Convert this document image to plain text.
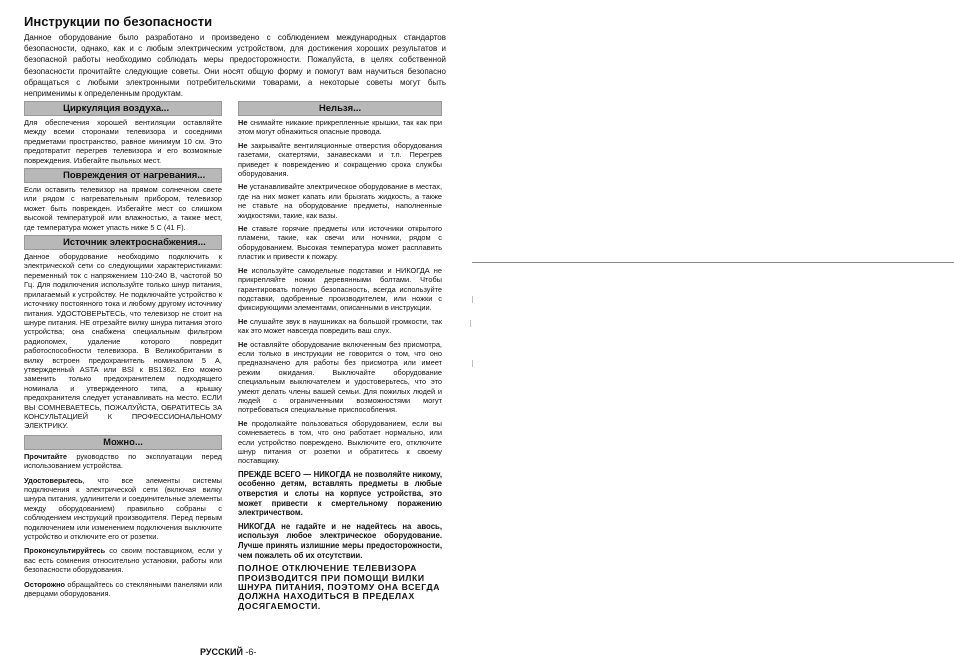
Инструкции по безопасности

Данное оборудование было разработано и произведено с соблюдением международных стандартов безопасности, однако, как и с любым электрическим устройством, для достижения хороших результатов и безопасной работы необходимо соблюдать меры предосторожности. Пожалуйста, в целях собственной безопасности прочитайте следующие советы. Они носят общую форму и помогут вам научиться безопасно обращаться с любыми электронными потребительскими товарами, а некоторые советы могут быть неприменимы к определенным продуктам.

Циркуляция воздуха...

Для обеспечения хорошей вентиляции оставляйте между всеми сторонами телевизора и соседними предметами пространство, равное минимум 10 см. Это предотвратит перегрев телевизора и его возможные повреждения. Избегайте пыльных мест.

Повреждения от нагревания...

Если оставить телевизор на прямом солнечном свете или рядом с нагревательным прибором, телевизор может быть поврежден. Избегайте мест со слишком высокой температурой или влажностью, а также мест, где температура может упасть ниже 5 С (41 F).

Источник электроснабжения...

Данное оборудование необходимо подключить к электрической сети со следующими характеристиками: переменный ток с напряжением 110-240 В, частотой 50 Гц. Для подключения используйте только шнур питания, прилагаемый к устройству. Не подключайте устройство к источнику постоянного тока и любому другому источнику питания. УДОСТОВЕРЬТЕСЬ, что телевизор не стоит на шнуре питания. НЕ отрезайте вилку шнура питания этого устройства; она снабжена специальным фильтром радиопомех, удаление которого повредит работоспособности телевизора. В Великобритании в вилку встроен предохранитель номиналом 5 А, утвержденный ASTA или BSI к BS1362. Его можно заменить только предохранителем подходящего номинала и утвержденного типа, а крышку предохранителя следует устанавливать на место. ЕСЛИ ВЫ СОМНЕВАЕТЕСЬ, ПОЖАЛУЙСТА, ОБРАТИТЕСЬ ЗА КОНСУЛЬТАЦИЕЙ К ПРОФЕССИОНАЛЬНОМУ ЭЛЕКТРИКУ.

Можно...

Прочитайте руководство по эксплуатации перед использованием устройства.

Удостоверьтесь, что все элементы системы подключения к электрической сети (включая вилку шнура питания, удлинители и соединительные элементы между оборудованием) правильно собраны с соблюдением инструкций производителя. Перед первым подключением или изменением подключения выключите устройство и отключите его от розетки.

Проконсультируйтесь со своим поставщиком, если у вас есть сомнения относительно установки, работы или безопасности оборудования.

Осторожно обращайтесь со стеклянными панелями или дверцами оборудования.

Нельзя...

Не снимайте никакие прикрепленные крышки, так как при этом могут обнажиться опасные провода.

Не закрывайте вентиляционные отверстия оборудования газетами, скатертями, занавесками и т.п. Перегрев приведет к повреждению и сокращению срока службы оборудования.

Не устанавливайте электрическое оборудование в местах, где на них может капать или брызгать жидкость, а также не ставьте на оборудование предметы, наполненные жидкостями, такие, как вазы.

Не ставьте горячие предметы или источники открытого пламени, такие, как свечи или ночники, рядом с оборудованием. Высокая температура может расплавить пластик и привести к пожару.

Не используйте самодельные подставки и НИКОГДА не прикрепляйте ножки деревянными болтами. Чтобы гарантировать полную безопасность, всегда используйте подставки, одобренные производителем, или ножки с фиксирующими элементами, описанными в инструкции.

Не слушайте звук в наушниках на большой громкости, так как это может навсегда повредить ваш слух.

Не оставляйте оборудование включенным без присмотра, если только в инструкции не говорится о том, что оно предназначено для работы без присмотра или имеет режим ожидания. Выключайте оборудование специальным выключателем и удостоверьтесь, что это умеют делать члены вашей семьи. Для пожилых людей и людей с ограниченными возможностями могут потребоваться специальные приспособления.

Не продолжайте пользоваться оборудованием, если вы сомневаетесь в том, что оно работает нормально, или если устройство повреждено. Выключите его, отключите шнур питания от розетки и обратитесь к своему поставщику.

ПРЕЖДЕ ВСЕГО — НИКОГДА не позволяйте никому, особенно детям, вставлять предметы в любые отверстия и слоты на корпусе устройства, это может привести к смертельному поражению электричеством.

НИКОГДА не гадайте и не надейтесь на авось, используя любое электрическое оборудование. Лучше принять излишние меры предосторожности, чем пожалеть об их отсутствии.

ПОЛНОЕ ОТКЛЮЧЕНИЕ ТЕЛЕВИЗОРА ПРОИЗВОДИТСЯ ПРИ ПОМОЩИ ВИЛКИ ШНУРА ПИТАНИЯ, ПОЭТОМУ ОНА ВСЕГДА ДОЛЖНА НАХОДИТЬСЯ В ПРЕДЕЛАХ ДОСЯГАЕМОСТИ.

РУССКИЙ -6-
